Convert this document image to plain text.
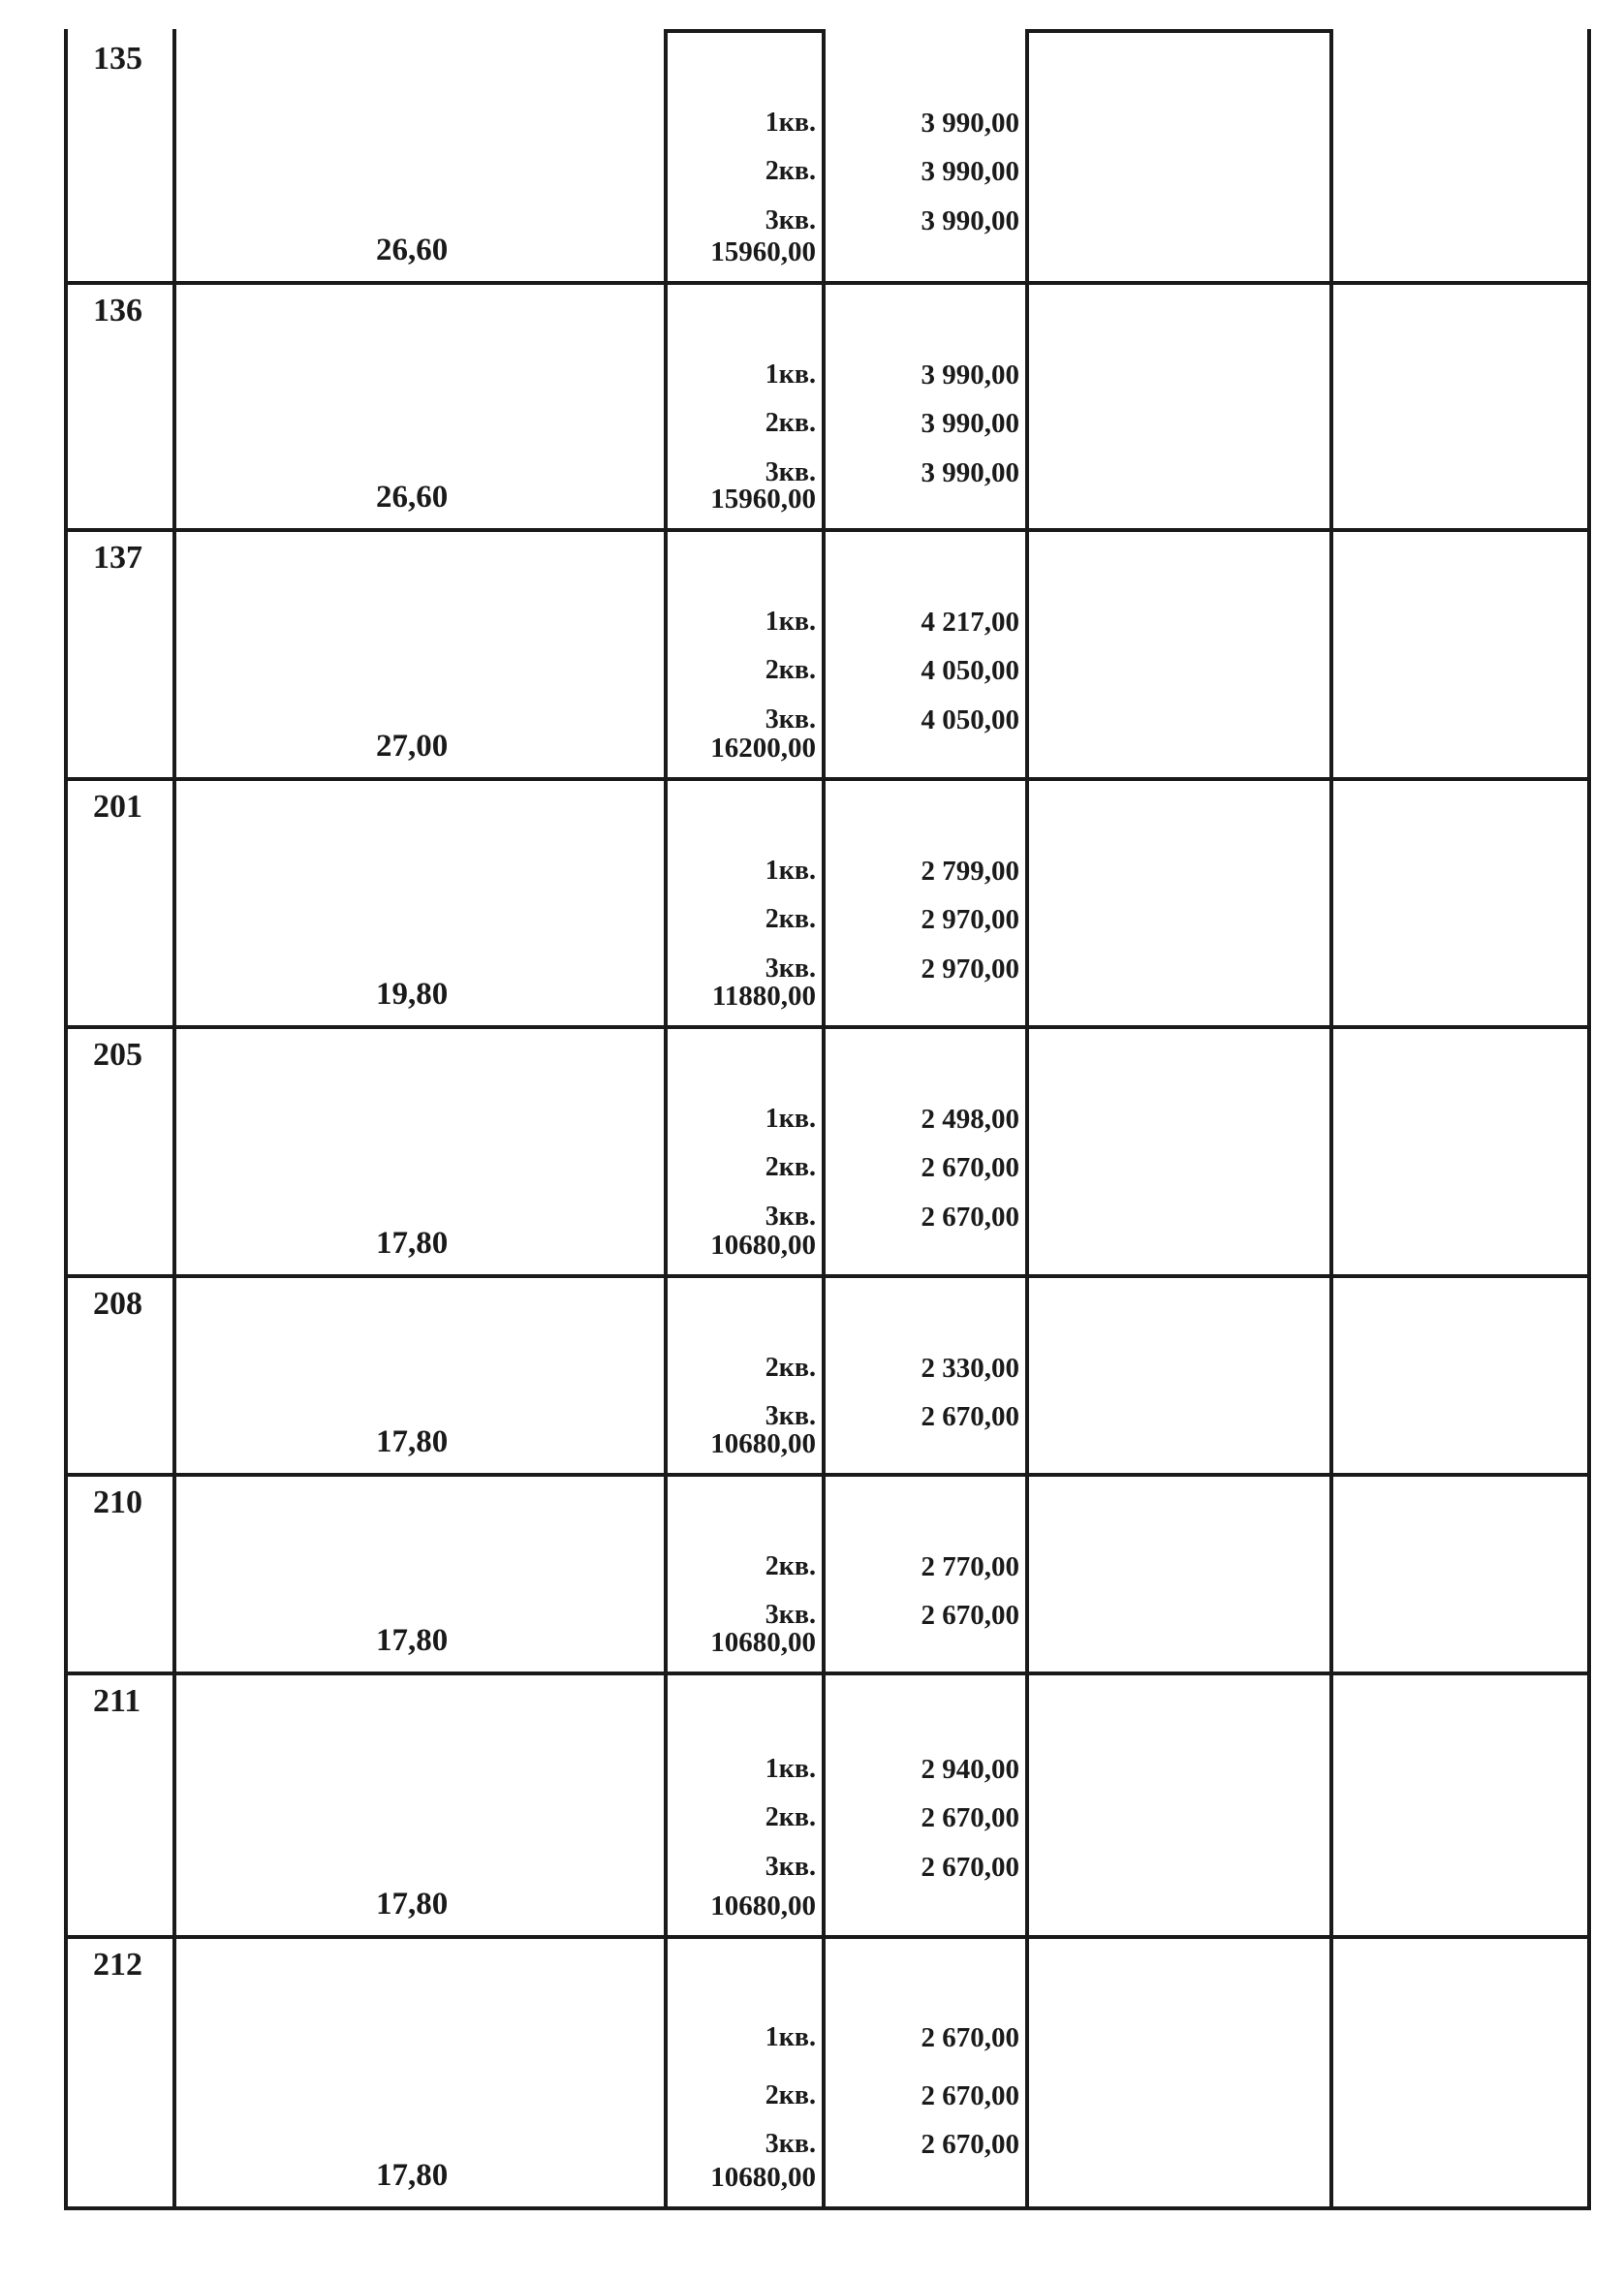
135
26,60	15960,00
1кв.	3 990,00
2кв.	3 990,00
3кв.	3 990,00
136
26,60	15960,00
1кв.	3 990,00
2кв.	3 990,00
3кв.	3 990,00
137
27,00	16200,00
1кв.	4 217,00
2кв.	4 050,00
3кв.	4 050,00
201
19,80	11880,00
1кв.	2 799,00
2кв.	2 970,00
3кв.	2 970,00
205
17,80	10680,00
1кв.	2 498,00
2кв.	2 670,00
3кв.	2 670,00
208
17,80	10680,00
2кв.	2 330,00
3кв.	2 670,00
210
17,80	10680,00
2кв.	2 770,00
3кв.	2 670,00
211
17,80	10680,00
1кв.	2 940,00
2кв.	2 670,00
3кв.	2 670,00
212
17,80	10680,00
1кв.	2 670,00
2кв.	2 670,00
3кв.	2 670,00
